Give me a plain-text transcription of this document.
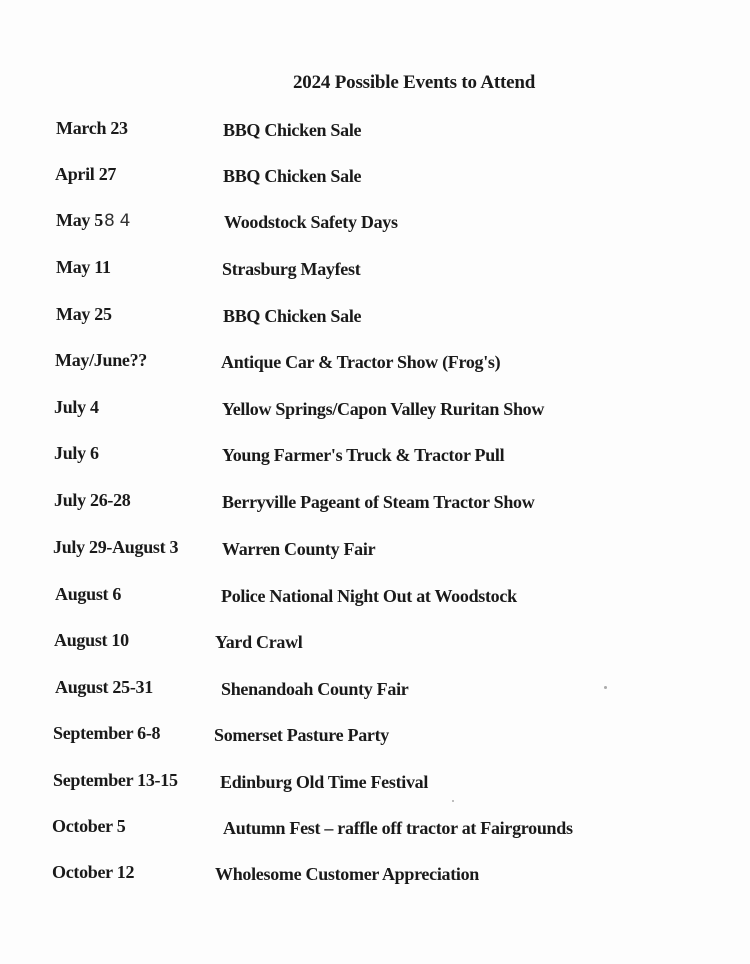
2024 Possible Events to Attend
March 23	BBQ Chicken Sale
April 27	BBQ Chicken Sale
May 58 4	Woodstock Safety Days
May 11	Strasburg Mayfest
May 25	BBQ Chicken Sale
May/June??	Antique Car & Tractor Show (Frog's)
July 4	Yellow Springs/Capon Valley Ruritan Show
July 6	Young Farmer's Truck & Tractor Pull
July 26-28	Berryville Pageant of Steam Tractor Show
July 29-August 3 Warren County Fair
August 6	Police National Night Out at Woodstock
August 10	Yard Crawl
August 25-31	Shenandoah County Fair
September 6-8	Somerset Pasture Party
September 13-15 Edinburg Old Time Festival
October 5	Autumn Fest – raffle off tractor at Fairgrounds
October 12	Wholesome Customer Appreciation
